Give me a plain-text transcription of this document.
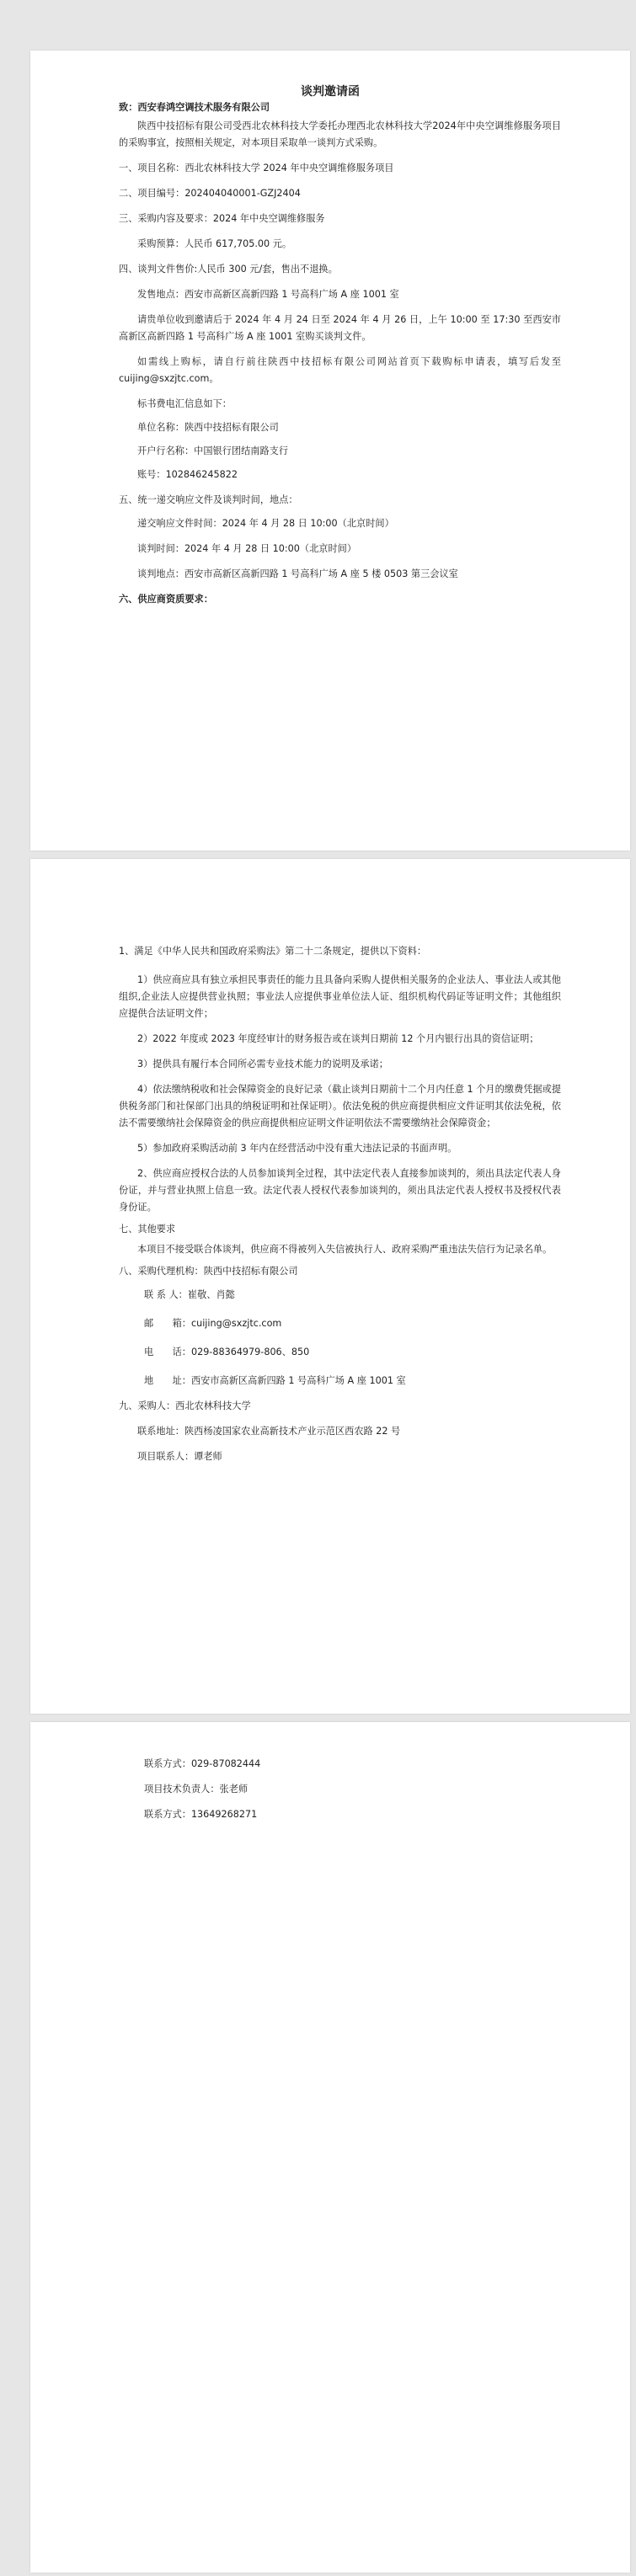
谈判邀请函
致：西安春鸿空调技术服务有限公司

陕西中技招标有限公司受西北农林科技大学委托办理西北农林科技大学2024年中央空调维修服务项目的采购事宜，按照相关规定，对本项目采取单一谈判方式采购。

一、项目名称：西北农林科技大学 2024 年中央空调维修服务项目
二、项目编号：202404040001-GZJ2404
三、采购内容及要求：2024 年中央空调维修服务
采购预算：人民币 617,705.00 元。
四、谈判文件售价:人民币 300 元/套，售出不退换。
发售地点：西安市高新区高新四路 1 号高科广场 A 座 1001 室

请贵单位收到邀请后于 2024 年 4 月 24 日至 2024 年 4 月 26 日，上午 10:00 至 17:30 至西安市高新区高新四路 1 号高科广场 A 座 1001 室购买谈判文件。

如需线上购标，请自行前往陕西中技招标有限公司网站首页下载购标申请表，填写后发至 cuijing@sxzjtc.com。

标书费电汇信息如下：
单位名称：陕西中技招标有限公司
开户行名称：中国银行团结南路支行
账号：102846245822
五、统一递交响应文件及谈判时间，地点：
递交响应文件时间：2024 年 4 月 28 日 10:00（北京时间）
谈判时间：2024 年 4 月 28 日 10:00（北京时间）

谈判地点：西安市高新区高新四路 1 号高科广场 A 座 5 楼 0503 第三会议室

六、供应商资质要求：
1、满足《中华人民共和国政府采购法》第二十二条规定，提供以下资料：

1）供应商应具有独立承担民事责任的能力且具备向采购人提供相关服务的企业法人、事业法人或其他组织,企业法人应提供营业执照；事业法人应提供事业单位法人证、组织机构代码证等证明文件；其他组织应提供合法证明文件；

2）2022 年度或 2023 年度经审计的财务报告或在谈判日期前 12 个月内银行出具的资信证明；

3）提供具有履行本合同所必需专业技术能力的说明及承诺；

4）依法缴纳税收和社会保障资金的良好记录（截止谈判日期前十二个月内任意 1 个月的缴费凭据或提供税务部门和社保部门出具的纳税证明和社保证明）。依法免税的供应商提供相应文件证明其依法免税，依法不需要缴纳社会保障资金的供应商提供相应证明文件证明依法不需要缴纳社会保障资金；

5）参加政府采购活动前 3 年内在经营活动中没有重大违法记录的书面声明。

2、供应商应授权合法的人员参加谈判全过程，其中法定代表人直接参加谈判的，须出具法定代表人身份证，并与营业执照上信息一致。法定代表人授权代表参加谈判的，须出具法定代表人授权书及授权代表身份证。

七、其他要求

本项目不接受联合体谈判，供应商不得被列入失信被执行人、政府采购严重违法失信行为记录名单。

八、采购代理机构：陕西中技招标有限公司
联 系 人：崔敬、肖懿
邮　　箱：cuijing@sxzjtc.com
电　　话：029-88364979-806、850
地　　址：西安市高新区高新四路 1 号高科广场 A 座 1001 室
九、采购人：西北农林科技大学
联系地址：陕西杨凌国家农业高新技术产业示范区西农路 22 号
项目联系人：谭老师
联系方式：029-87082444
项目技术负责人：张老师
联系方式：13649268271
